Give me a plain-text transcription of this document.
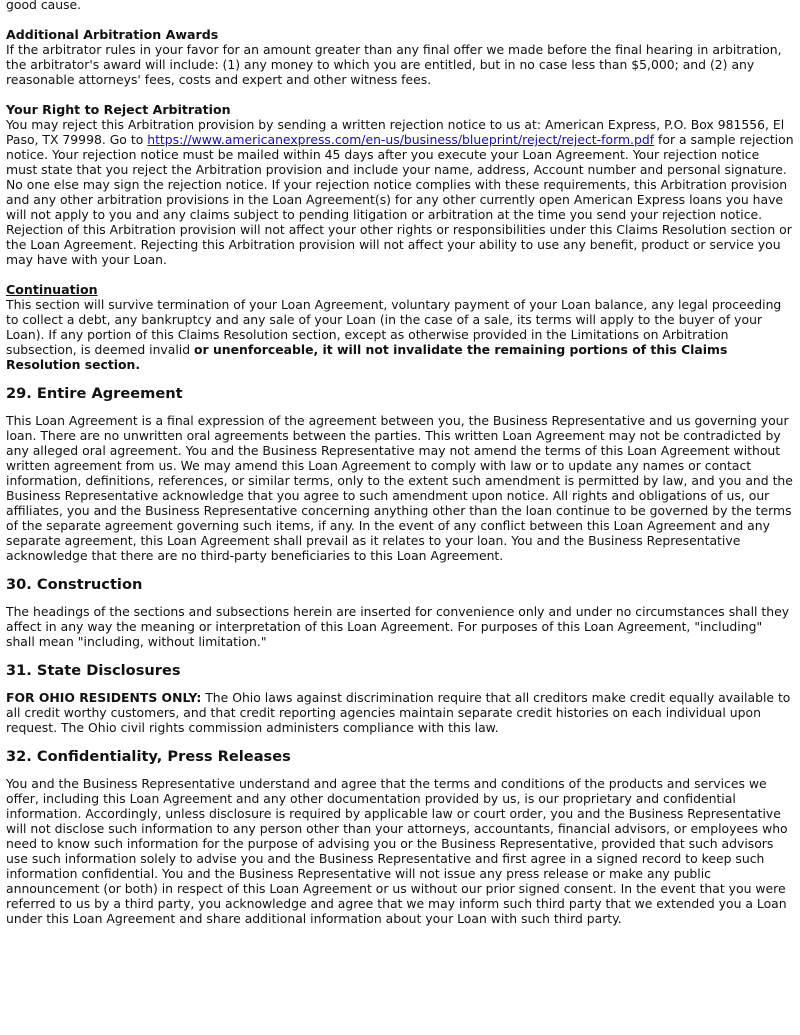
good cause.

Additional Arbitration Awards

If the arbitrator rules in your favor for an amount greater than any final offer we made before the final hearing in arbitration, the arbitrator's award will include: (1) any money to which you are entitled, but in no case less than $5,000; and (2) any reasonable attorneys' fees, costs and expert and other witness fees.

Your Right to Reject Arbitration

You may reject this Arbitration provision by sending a written rejection notice to us at: American Express, P.O. Box 981556, El Paso, TX 79998. Go to https://www.americanexpress.com/en-us/business/blueprint/reject/reject-form.pdf for a sample rejection notice. Your rejection notice must be mailed within 45 days after you execute your Loan Agreement. Your rejection notice must state that you reject the Arbitration provision and include your name, address, Account number and personal signature. No one else may sign the rejection notice. If your rejection notice complies with these requirements, this Arbitration provision and any other arbitration provisions in the Loan Agreement(s) for any other currently open American Express loans you have will not apply to you and any claims subject to pending litigation or arbitration at the time you send your rejection notice. Rejection of this Arbitration provision will not affect your other rights or responsibilities under this Claims Resolution section or the Loan Agreement. Rejecting this Arbitration provision will not affect your ability to use any benefit, product or service you may have with your Loan.

Continuation

This section will survive termination of your Loan Agreement, voluntary payment of your Loan balance, any legal proceeding to collect a debt, any bankruptcy and any sale of your Loan (in the case of a sale, its terms will apply to the buyer of your Loan). If any portion of this Claims Resolution section, except as otherwise provided in the Limitations on Arbitration subsection, is deemed invalid or unenforceable, it will not invalidate the remaining portions of this Claims Resolution section.

29. Entire Agreement

This Loan Agreement is a final expression of the agreement between you, the Business Representative and us governing your loan. There are no unwritten oral agreements between the parties. This written Loan Agreement may not be contradicted by any alleged oral agreement. You and the Business Representative may not amend the terms of this Loan Agreement without written agreement from us. We may amend this Loan Agreement to comply with law or to update any names or contact information, definitions, references, or similar terms, only to the extent such amendment is permitted by law, and you and the Business Representative acknowledge that you agree to such amendment upon notice. All rights and obligations of us, our affiliates, you and the Business Representative concerning anything other than the loan continue to be governed by the terms of the separate agreement governing such items, if any. In the event of any conflict between this Loan Agreement and any separate agreement, this Loan Agreement shall prevail as it relates to your loan. You and the Business Representative acknowledge that there are no third-party beneficiaries to this Loan Agreement.

30. Construction

The headings of the sections and subsections herein are inserted for convenience only and under no circumstances shall they affect in any way the meaning or interpretation of this Loan Agreement. For purposes of this Loan Agreement, "including" shall mean "including, without limitation."

31. State Disclosures

FOR OHIO RESIDENTS ONLY: The Ohio laws against discrimination require that all creditors make credit equally available to all credit worthy customers, and that credit reporting agencies maintain separate credit histories on each individual upon request. The Ohio civil rights commission administers compliance with this law.

32. Confidentiality, Press Releases

You and the Business Representative understand and agree that the terms and conditions of the products and services we offer, including this Loan Agreement and any other documentation provided by us, is our proprietary and confidential information. Accordingly, unless disclosure is required by applicable law or court order, you and the Business Representative will not disclose such information to any person other than your attorneys, accountants, financial advisors, or employees who need to know such information for the purpose of advising you or the Business Representative, provided that such advisors use such information solely to advise you and the Business Representative and first agree in a signed record to keep such information confidential. You and the Business Representative will not issue any press release or make any public announcement (or both) in respect of this Loan Agreement or us without our prior signed consent. In the event that you were referred to us by a third party, you acknowledge and agree that we may inform such third party that we extended you a Loan under this Loan Agreement and share additional information about your Loan with such third party.
